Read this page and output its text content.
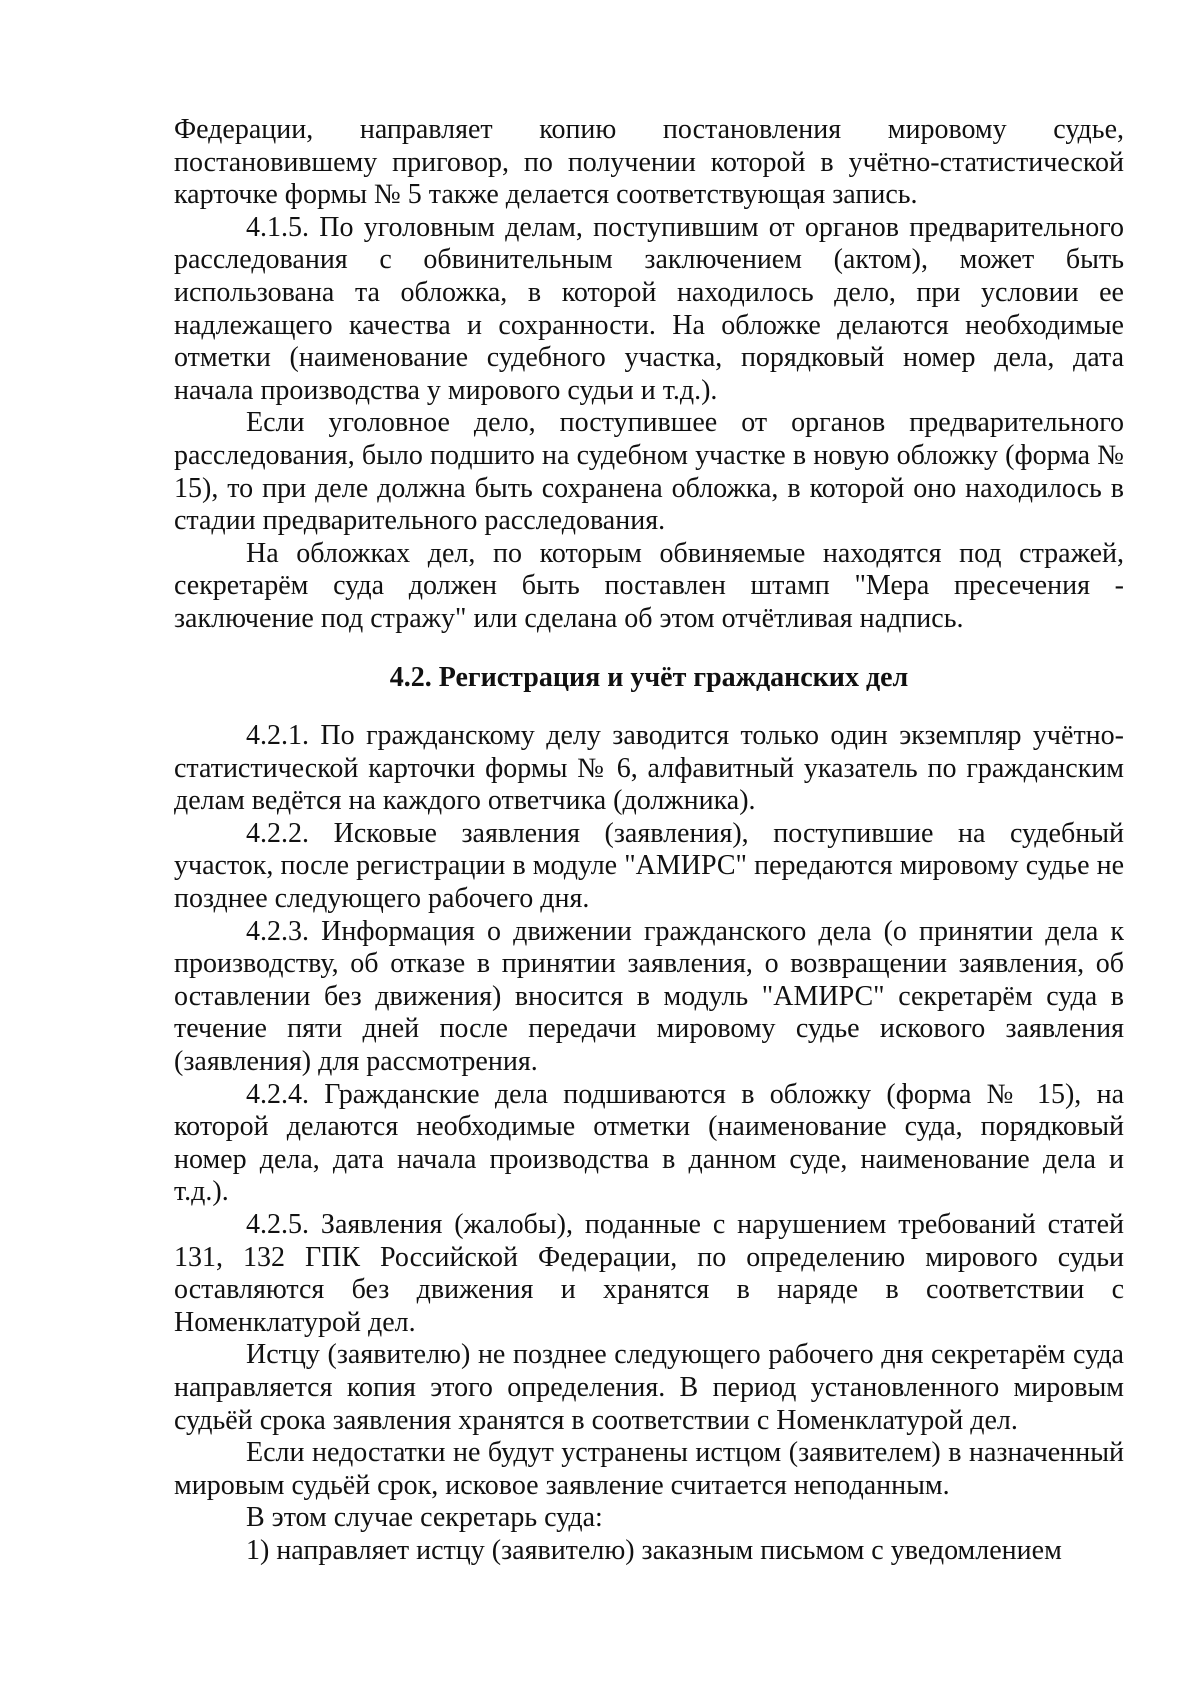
Федерации, направляет копию постановления мировому судье, постановившему приговор, по получении которой в учётно-статистической карточке формы № 5 также делается соответствующая запись.

4.1.5. По уголовным делам, поступившим от органов предварительного расследования с обвинительным заключением (актом), может быть использована та обложка, в которой находилось дело, при условии ее надлежащего качества и сохранности. На обложке делаются необходимые отметки (наименование судебного участка, порядковый номер дела, дата начала производства у мирового судьи и т.д.).

Если уголовное дело, поступившее от органов предварительного расследования, было подшито на судебном участке в новую обложку (форма № 15), то при деле должна быть сохранена обложка, в которой оно находилось в стадии предварительного расследования.

На обложках дел, по которым обвиняемые находятся под стражей, секретарём суда должен быть поставлен штамп "Мера пресечения - заключение под стражу" или сделана об этом отчётливая надпись.

4.2. Регистрация и учёт гражданских дел

4.2.1. По гражданскому делу заводится только один экземпляр учётно-статистической карточки формы № 6, алфавитный указатель по гражданским делам ведётся на каждого ответчика (должника).

4.2.2. Исковые заявления (заявления), поступившие на судебный участок, после регистрации в модуле "АМИРС" передаются мировому судье не позднее следующего рабочего дня.

4.2.3. Информация о движении гражданского дела (о принятии дела к производству, об отказе в принятии заявления, о возвращении заявления, об оставлении без движения) вносится в модуль "АМИРС" секретарём суда в течение пяти дней после передачи мировому судье искового заявления (заявления) для рассмотрения.

4.2.4. Гражданские дела подшиваются в обложку (форма № 15), на которой делаются необходимые отметки (наименование суда, порядковый номер дела, дата начала производства в данном суде, наименование дела и т.д.).

4.2.5. Заявления (жалобы), поданные с нарушением требований статей 131, 132 ГПК Российской Федерации, по определению мирового судьи оставляются без движения и хранятся в наряде в соответствии с Номенклатурой дел.

Истцу (заявителю) не позднее следующего рабочего дня секретарём суда направляется копия этого определения. В период установленного мировым судьёй срока заявления хранятся в соответствии с Номенклатурой дел.

Если недостатки не будут устранены истцом (заявителем) в назначенный мировым судьёй срок, исковое заявление считается неподанным.

В этом случае секретарь суда:

1) направляет истцу (заявителю) заказным письмом с уведомлением
